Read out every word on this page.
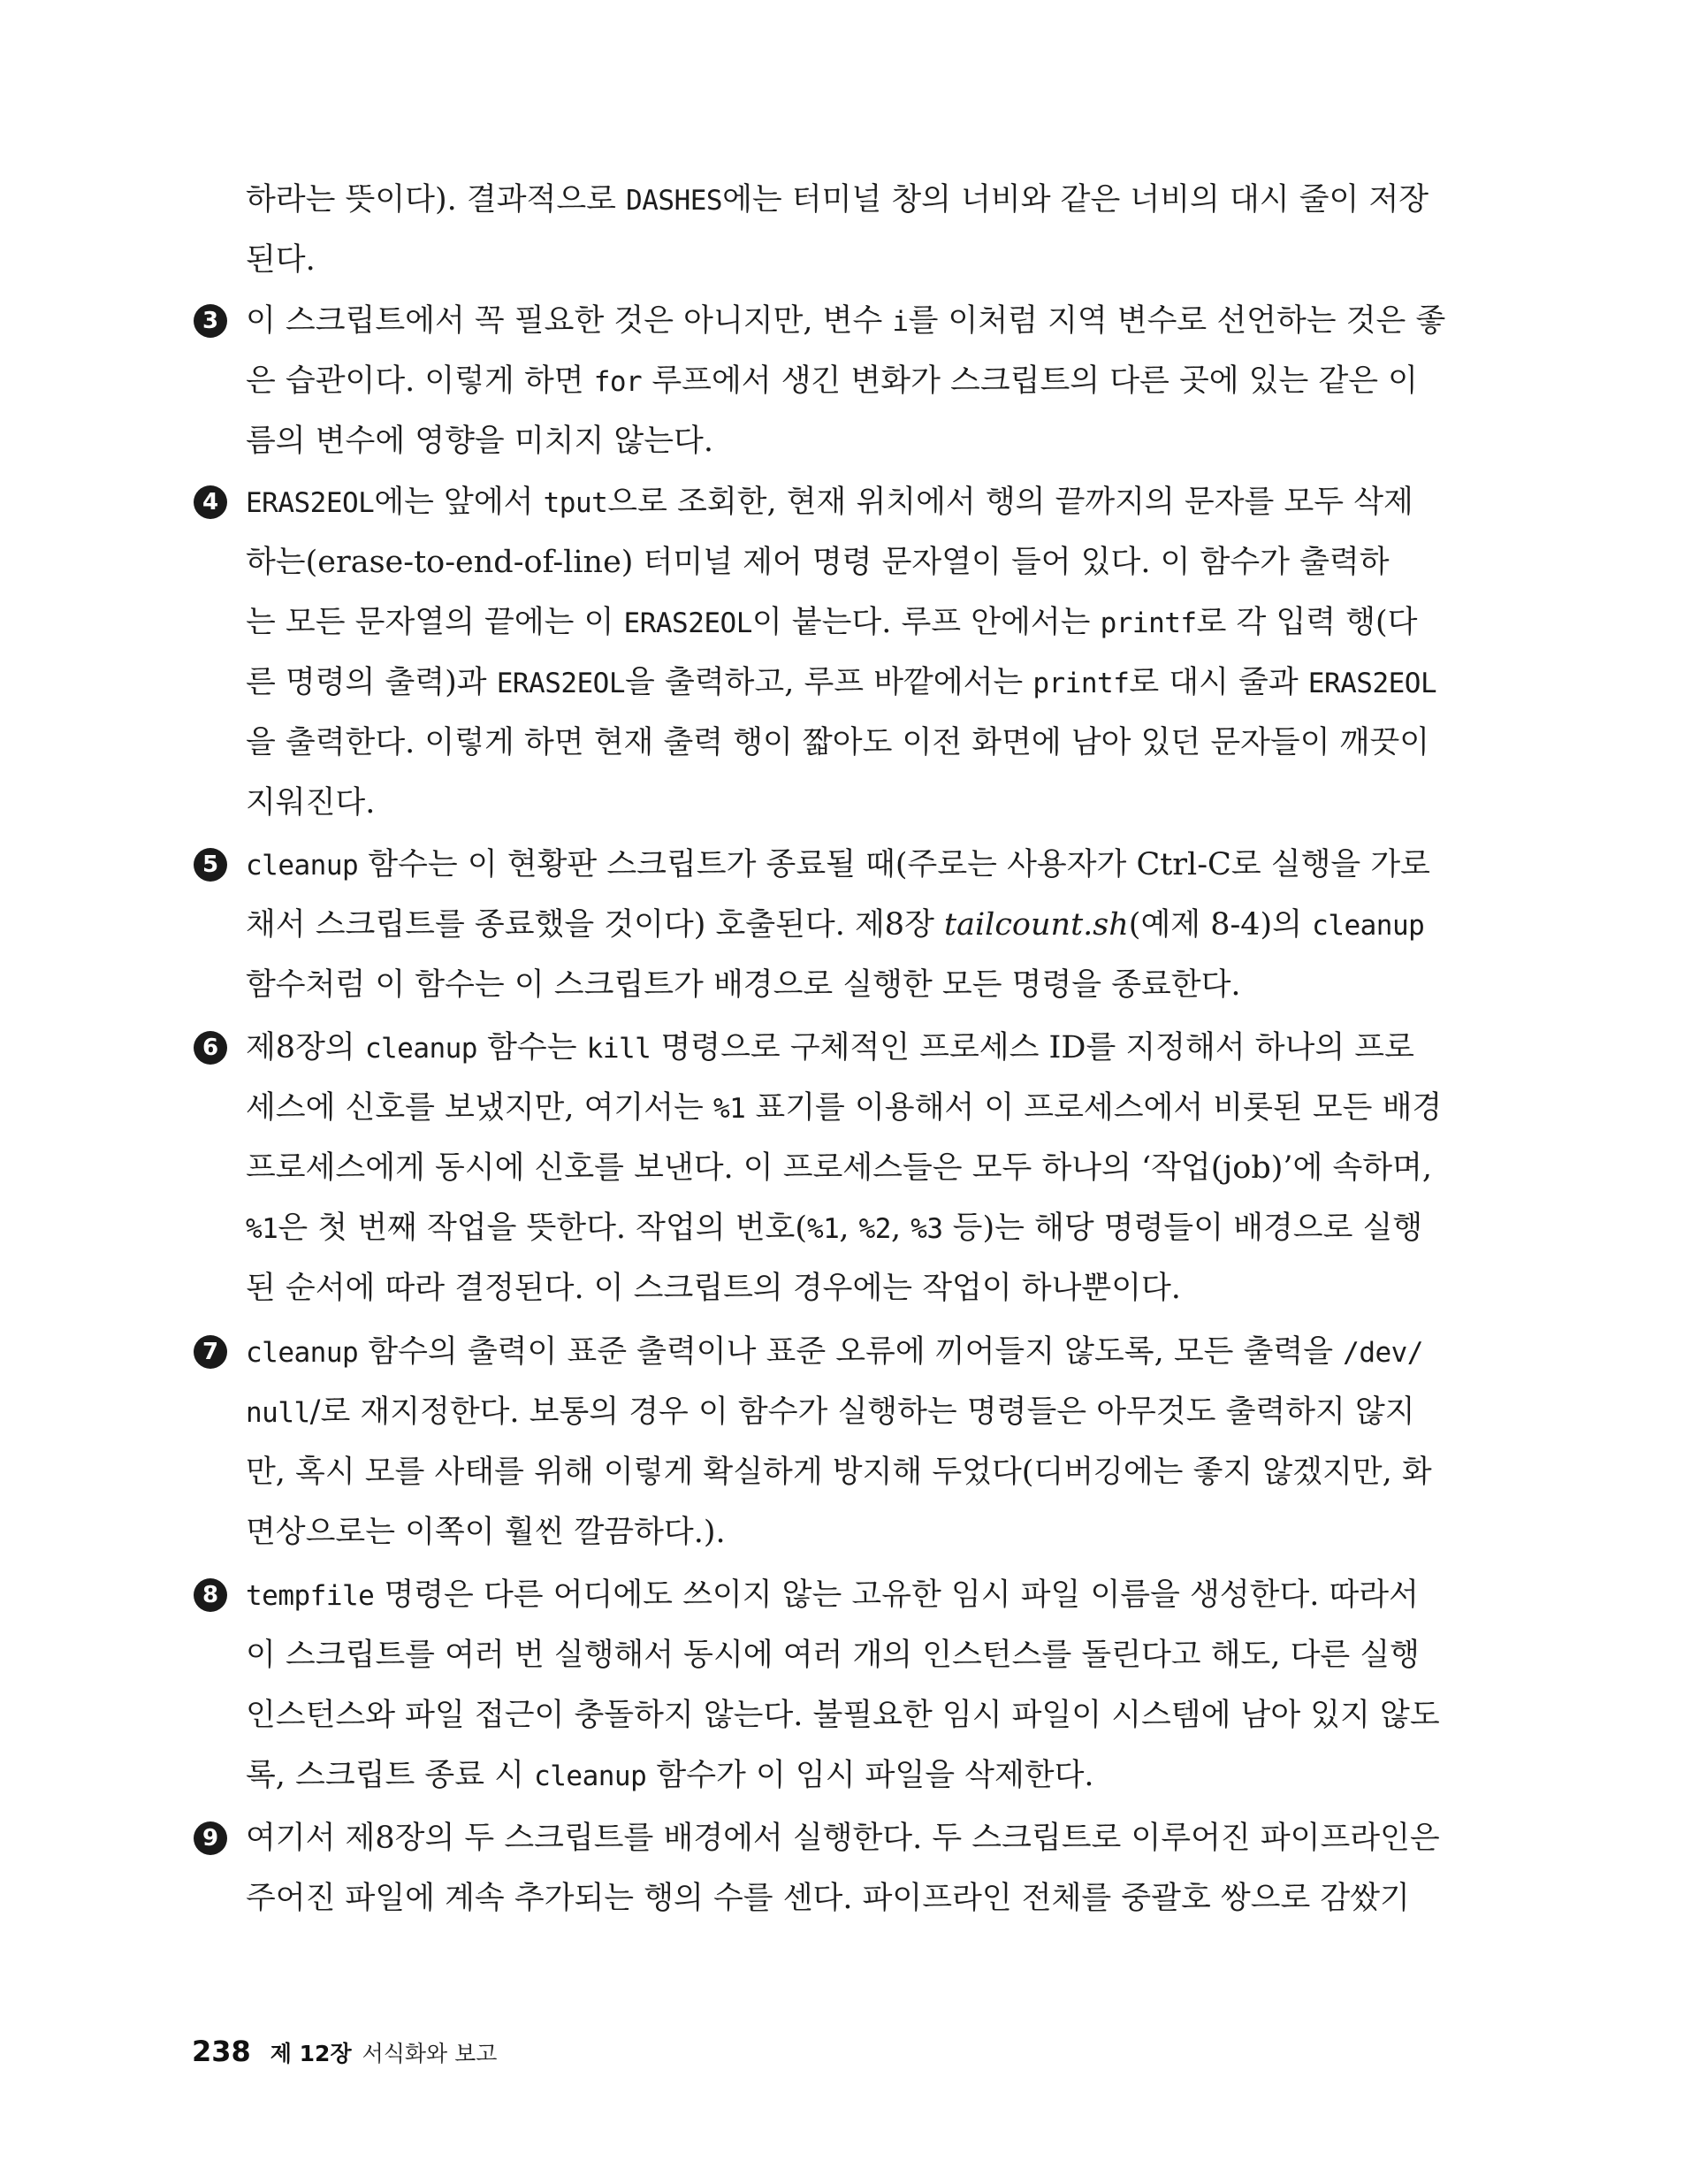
하라는 뜻이다). 결과적으로 DASHES에는 터미널 창의 너비와 같은 너비의 대시 줄이 저장
된다.
3 이 스크립트에서 꼭 필요한 것은 아니지만, 변수 i를 이처럼 지역 변수로 선언하는 것은 좋
은 습관이다. 이렇게 하면 for 루프에서 생긴 변화가 스크립트의 다른 곳에 있는 같은 이
름의 변수에 영향을 미치지 않는다.
4 ERAS2EOL에는 앞에서 tput으로 조회한, 현재 위치에서 행의 끝까지의 문자를 모두 삭제
하는(erase-to-end-of-line) 터미널 제어 명령 문자열이 들어 있다. 이 함수가 출력하
는 모든 문자열의 끝에는 이 ERAS2EOL이 붙는다. 루프 안에서는 printf로 각 입력 행(다
른 명령의 출력)과 ERAS2EOL을 출력하고, 루프 바깥에서는 printf로 대시 줄과 ERAS2EOL
을 출력한다. 이렇게 하면 현재 출력 행이 짧아도 이전 화면에 남아 있던 문자들이 깨끗이
지워진다.
5 cleanup 함수는 이 현황판 스크립트가 종료될 때(주로는 사용자가 Ctrl-C로 실행을 가로
채서 스크립트를 종료했을 것이다) 호출된다. 제8장 tailcount.sh(예제 8-4)의 cleanup
함수처럼 이 함수는 이 스크립트가 배경으로 실행한 모든 명령을 종료한다.
6 제8장의 cleanup 함수는 kill 명령으로 구체적인 프로세스 ID를 지정해서 하나의 프로
세스에 신호를 보냈지만, 여기서는 %1 표기를 이용해서 이 프로세스에서 비롯된 모든 배경
프로세스에게 동시에 신호를 보낸다. 이 프로세스들은 모두 하나의 ‘작업(job)’에 속하며,
%1은 첫 번째 작업을 뜻한다. 작업의 번호(%1, %2, %3 등)는 해당 명령들이 배경으로 실행
된 순서에 따라 결정된다. 이 스크립트의 경우에는 작업이 하나뿐이다.
7 cleanup 함수의 출력이 표준 출력이나 표준 오류에 끼어들지 않도록, 모든 출력을 /dev/
null/로 재지정한다. 보통의 경우 이 함수가 실행하는 명령들은 아무것도 출력하지 않지
만, 혹시 모를 사태를 위해 이렇게 확실하게 방지해 두었다(디버깅에는 좋지 않겠지만, 화
면상으로는 이쪽이 훨씬 깔끔하다.).
8 tempfile 명령은 다른 어디에도 쓰이지 않는 고유한 임시 파일 이름을 생성한다. 따라서
이 스크립트를 여러 번 실행해서 동시에 여러 개의 인스턴스를 돌린다고 해도, 다른 실행
인스턴스와 파일 접근이 충돌하지 않는다. 불필요한 임시 파일이 시스템에 남아 있지 않도
록, 스크립트 종료 시 cleanup 함수가 이 임시 파일을 삭제한다.
9 여기서 제8장의 두 스크립트를 배경에서 실행한다. 두 스크립트로 이루어진 파이프라인은
주어진 파일에 계속 추가되는 행의 수를 센다. 파이프라인 전체를 중괄호 쌍으로 감쌌기
238 제 12장 서식화와 보고
